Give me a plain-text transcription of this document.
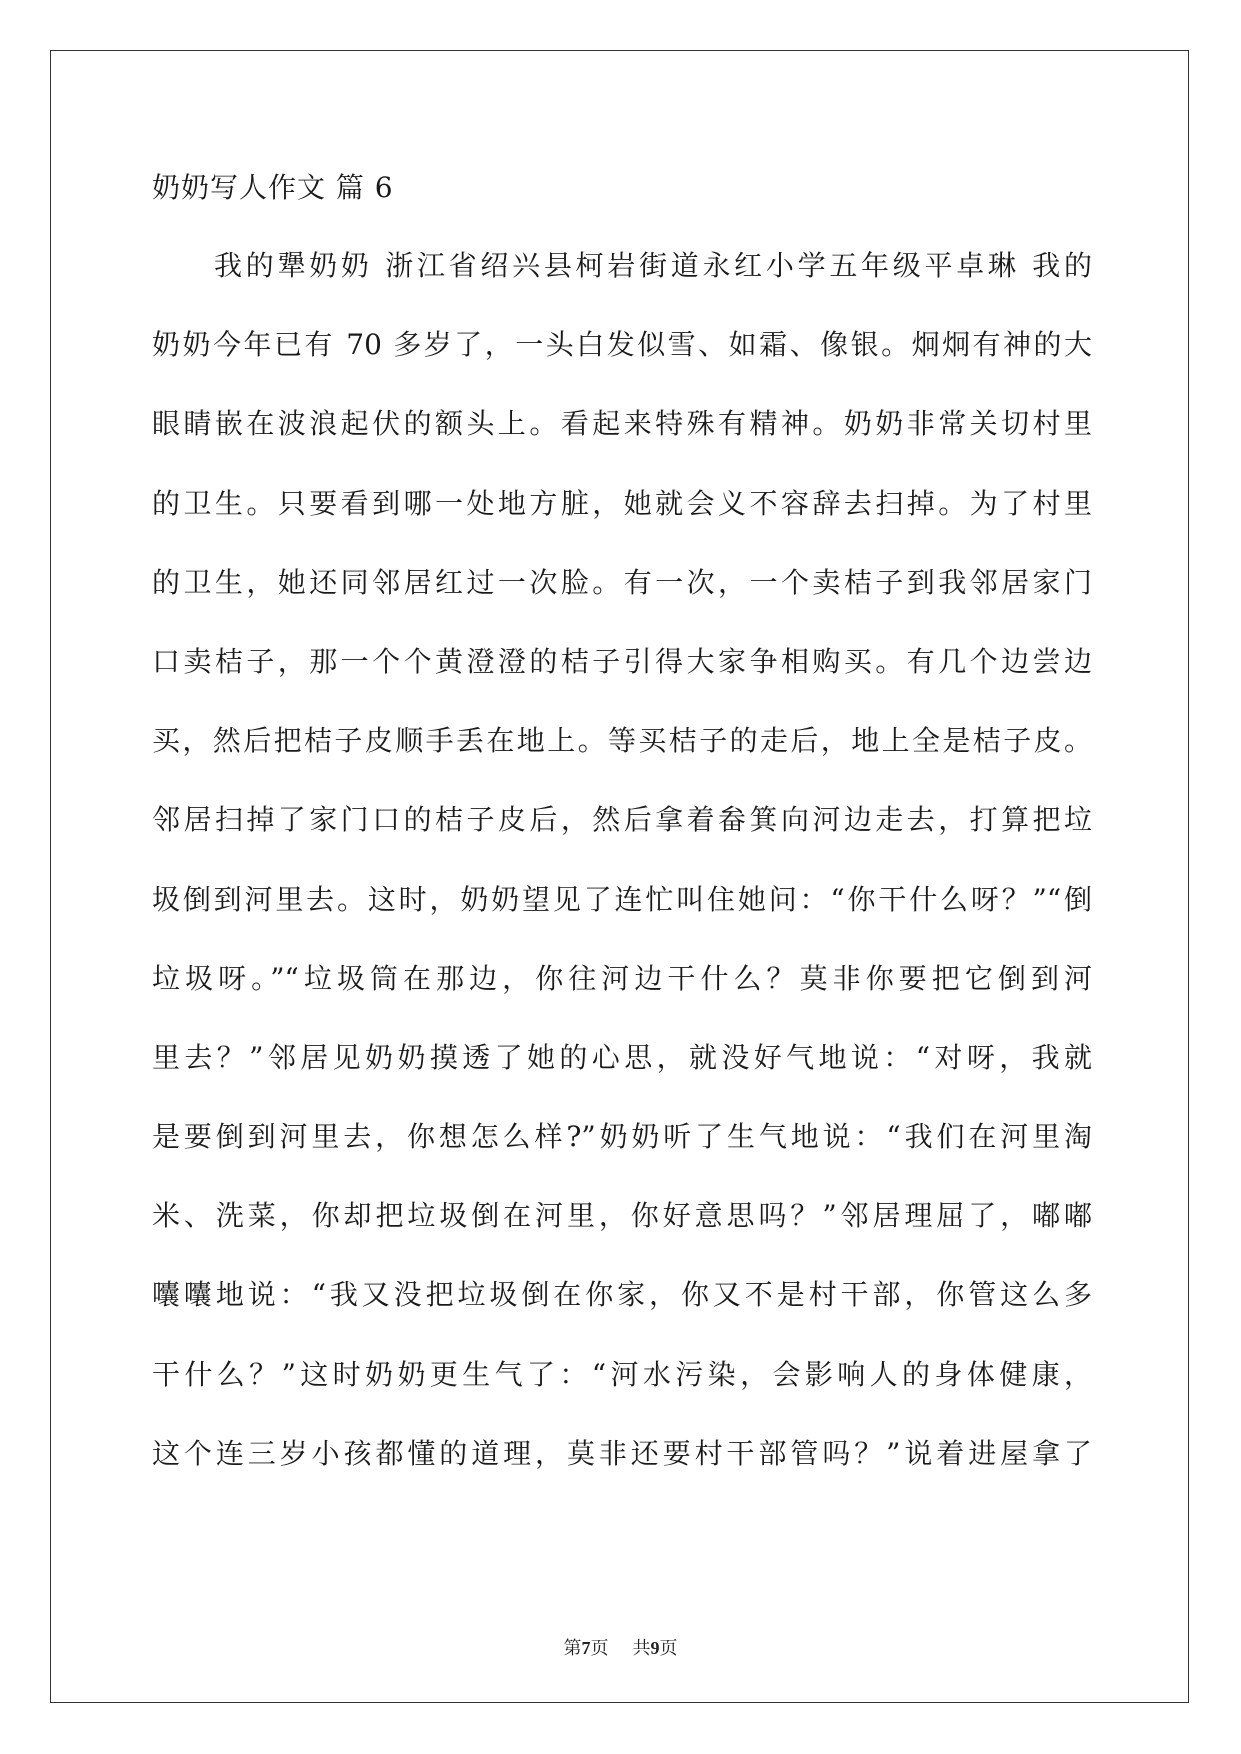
奶奶写人作文 篇 6
我的犟奶奶 浙江省绍兴县柯岩街道永红小学五年级平卓琳 我的
奶奶今年已有 70 多岁了，一头白发似雪、如霜、像银。炯炯有神的大
眼睛嵌在波浪起伏的额头上。看起来特殊有精神。奶奶非常关切村里
的卫生。只要看到哪一处地方脏，她就会义不容辞去扫掉。为了村里
的卫生，她还同邻居红过一次脸。有一次，一个卖桔子到我邻居家门
口卖桔子，那一个个黄澄澄的桔子引得大家争相购买。有几个边尝边
买，然后把桔子皮顺手丢在地上。等买桔子的走后，地上全是桔子皮。
邻居扫掉了家门口的桔子皮后，然后拿着畚箕向河边走去，打算把垃
圾倒到河里去。这时，奶奶望见了连忙叫住她问：“你干什么呀？”“倒
垃圾呀。”“垃圾筒在那边，你往河边干什么？莫非你要把它倒到河
里去？”邻居见奶奶摸透了她的心思，就没好气地说：“对呀，我就
是要倒到河里去，你想怎么样?”奶奶听了生气地说：“我们在河里淘
米、洗菜，你却把垃圾倒在河里，你好意思吗？”邻居理屈了，嘟嘟
囔囔地说：“我又没把垃圾倒在你家，你又不是村干部，你管这么多
干什么？”这时奶奶更生气了：“河水污染，会影响人的身体健康，
这个连三岁小孩都懂的道理，莫非还要村干部管吗？”说着进屋拿了
第7页 共9页
